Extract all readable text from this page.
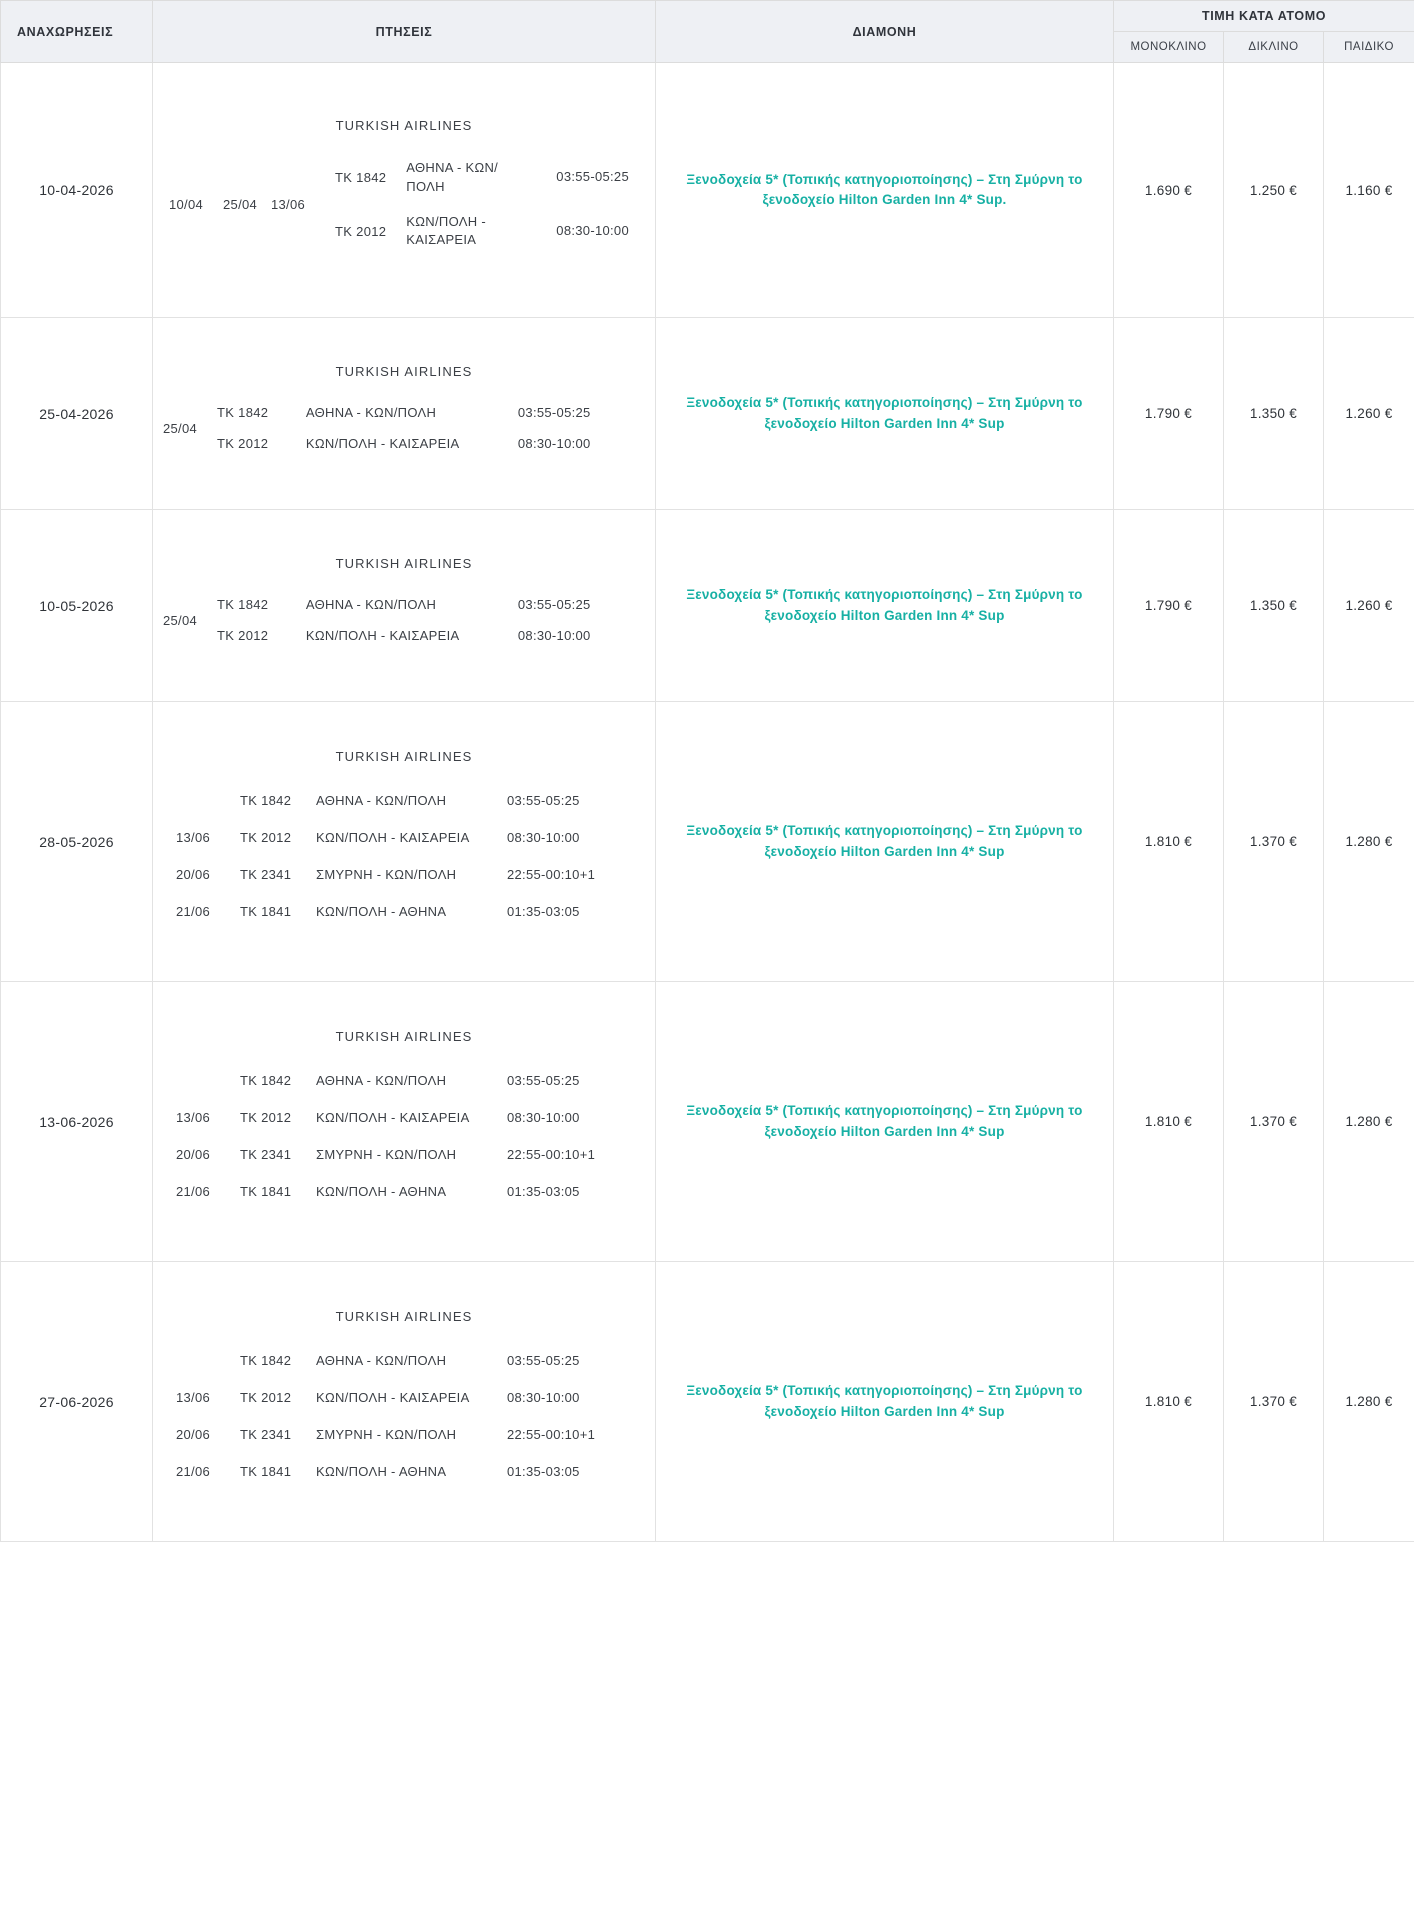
ΑΝΑΧΩΡΗΣΕΙΣ	ΠΤΗΣΕΙΣ	ΔΙΑΜΟΝΗ	ΤΙΜΗ ΚΑΤΑ ΑΤΟΜΟ
ΜΟΝΟΚΛΙΝΟ	ΔΙΚΛΙΝΟ	ΠΑΙΔΙΚΟ
10-04-2026	
TURKISH AIRLINES
10/04	25/04 13/06
TK 1842	ΑΘΗΝΑ - ΚΩΝ/ΠΟΛΗ	03:55-05:25
TK 2012	ΚΩΝ/ΠΟΛΗ - ΚΑΙΣΑΡΕΙΑ	08:30-10:00
	Ξενοδοχεία 5* (Τοπικής κατηγοριοποίησης) – Στη Σμύρνη το ξενοδοχείο Hilton Garden Inn 4* Sup.	1.690 €	1.250 €	1.160 €
25-04-2026	
TURKISH AIRLINES
25/04
TK 1842	ΑΘΗΝΑ - ΚΩΝ/ΠΟΛΗ	03:55-05:25
TK 2012	ΚΩΝ/ΠΟΛΗ - ΚΑΙΣΑΡΕΙΑ	08:30-10:00
	Ξενοδοχεία 5* (Τοπικής κατηγοριοποίησης) – Στη Σμύρνη το ξενοδοχείο Hilton Garden Inn 4* Sup	1.790 €	1.350 €	1.260 €
10-05-2026	
TURKISH AIRLINES
25/04
TK 1842	ΑΘΗΝΑ - ΚΩΝ/ΠΟΛΗ	03:55-05:25
TK 2012	ΚΩΝ/ΠΟΛΗ - ΚΑΙΣΑΡΕΙΑ	08:30-10:00
	Ξενοδοχεία 5* (Τοπικής κατηγοριοποίησης) – Στη Σμύρνη το ξενοδοχείο Hilton Garden Inn 4* Sup	1.790 €	1.350 €	1.260 €
28-05-2026	
TURKISH AIRLINES
	TK 1842	ΑΘΗΝΑ - ΚΩΝ/ΠΟΛΗ	03:55-05:25
13/06	TK 2012	ΚΩΝ/ΠΟΛΗ - ΚΑΙΣΑΡΕΙΑ	08:30-10:00
20/06	TK 2341	ΣΜΥΡΝΗ - ΚΩΝ/ΠΟΛΗ	22:55-00:10+1
21/06	TK 1841	ΚΩΝ/ΠΟΛΗ - ΑΘΗΝΑ	01:35-03:05
	Ξενοδοχεία 5* (Τοπικής κατηγοριοποίησης) – Στη Σμύρνη το ξενοδοχείο Hilton Garden Inn 4* Sup	1.810 €	1.370 €	1.280 €
13-06-2026	
TURKISH AIRLINES
	TK 1842	ΑΘΗΝΑ - ΚΩΝ/ΠΟΛΗ	03:55-05:25
13/06	TK 2012	ΚΩΝ/ΠΟΛΗ - ΚΑΙΣΑΡΕΙΑ	08:30-10:00
20/06	TK 2341	ΣΜΥΡΝΗ - ΚΩΝ/ΠΟΛΗ	22:55-00:10+1
21/06	TK 1841	ΚΩΝ/ΠΟΛΗ - ΑΘΗΝΑ	01:35-03:05
	Ξενοδοχεία 5* (Τοπικής κατηγοριοποίησης) – Στη Σμύρνη το ξενοδοχείο Hilton Garden Inn 4* Sup	1.810 €	1.370 €	1.280 €
27-06-2026	
TURKISH AIRLINES
	TK 1842	ΑΘΗΝΑ - ΚΩΝ/ΠΟΛΗ	03:55-05:25
13/06	TK 2012	ΚΩΝ/ΠΟΛΗ - ΚΑΙΣΑΡΕΙΑ	08:30-10:00
20/06	TK 2341	ΣΜΥΡΝΗ - ΚΩΝ/ΠΟΛΗ	22:55-00:10+1
21/06	TK 1841	ΚΩΝ/ΠΟΛΗ - ΑΘΗΝΑ	01:35-03:05
	Ξενοδοχεία 5* (Τοπικής κατηγοριοποίησης) – Στη Σμύρνη το ξενοδοχείο Hilton Garden Inn 4* Sup	1.810 €	1.370 €	1.280 €
